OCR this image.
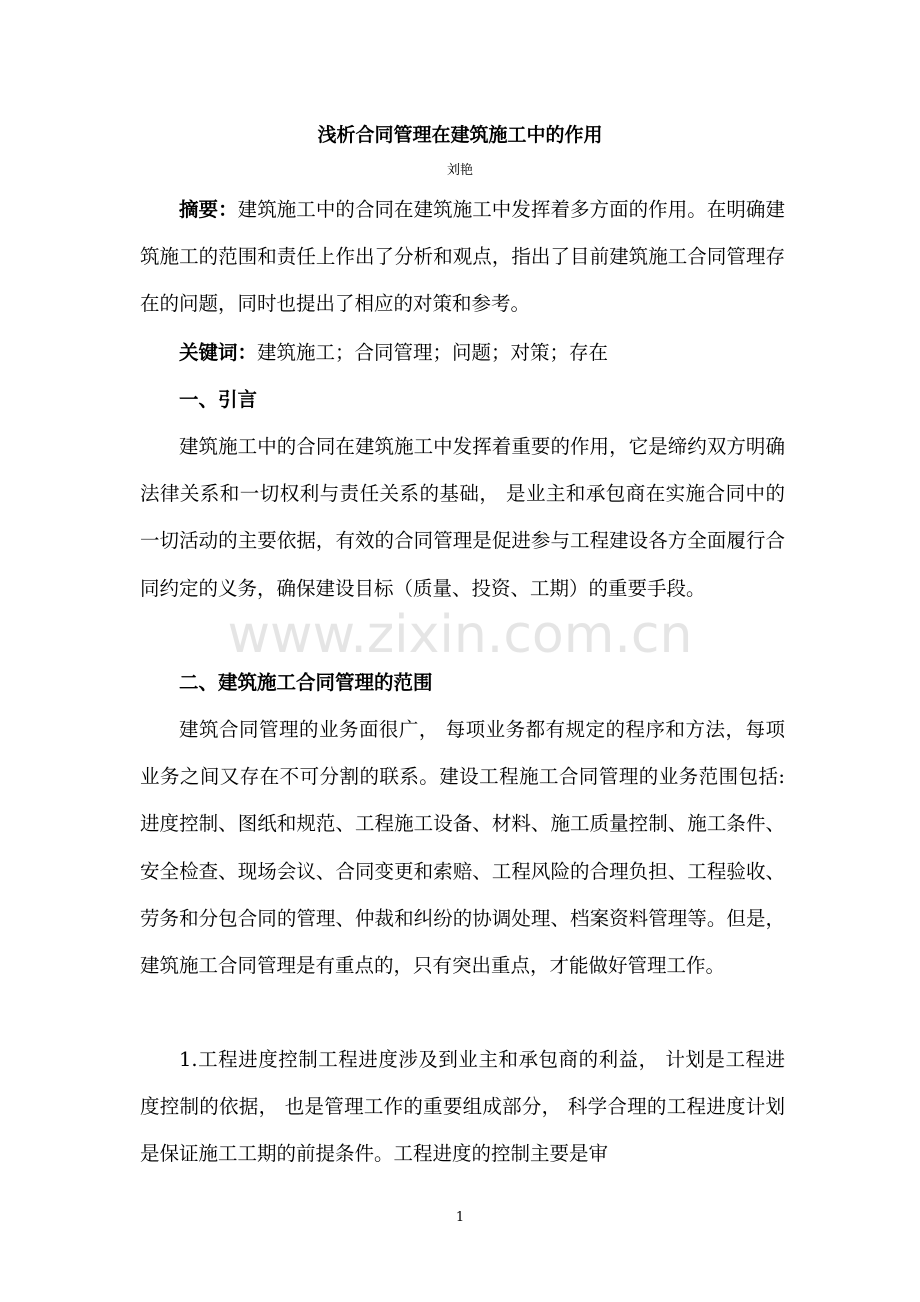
浅析合同管理在建筑施工中的作用
刘艳

摘要：建筑施工中的合同在建筑施工中发挥着多方面的作用。在明确建筑施工的范围和责任上作出了分析和观点，指出了目前建筑施工合同管理存在的问题，同时也提出了相应的对策和参考。

关键词：建筑施工；合同管理；问题；对策；存在

一、引言

建筑施工中的合同在建筑施工中发挥着重要的作用，它是缔约双方明确法律关系和一切权利与责任关系的基础， 是业主和承包商在实施合同中的一切活动的主要依据，有效的合同管理是促进参与工程建设各方全面履行合同约定的义务，确保建设目标（质量、投资、工期）的重要手段。

二、建筑施工合同管理的范围

建筑合同管理的业务面很广， 每项业务都有规定的程序和方法，每项业务之间又存在不可分割的联系。建设工程施工合同管理的业务范围包括: 进度控制、图纸和规范、工程施工设备、材料、施工质量控制、施工条件、安全检查、现场会议、合同变更和索赔、工程风险的合理负担、工程验收、劳务和分包合同的管理、仲裁和纠纷的协调处理、档案资料管理等。但是，建筑施工合同管理是有重点的，只有突出重点，才能做好管理工作。

1.工程进度控制工程进度涉及到业主和承包商的利益， 计划是工程进度控制的依据， 也是管理工作的重要组成部分， 科学合理的工程进度计划是保证施工工期的前提条件。工程进度的控制主要是审

www.zixin.com.cn
1
